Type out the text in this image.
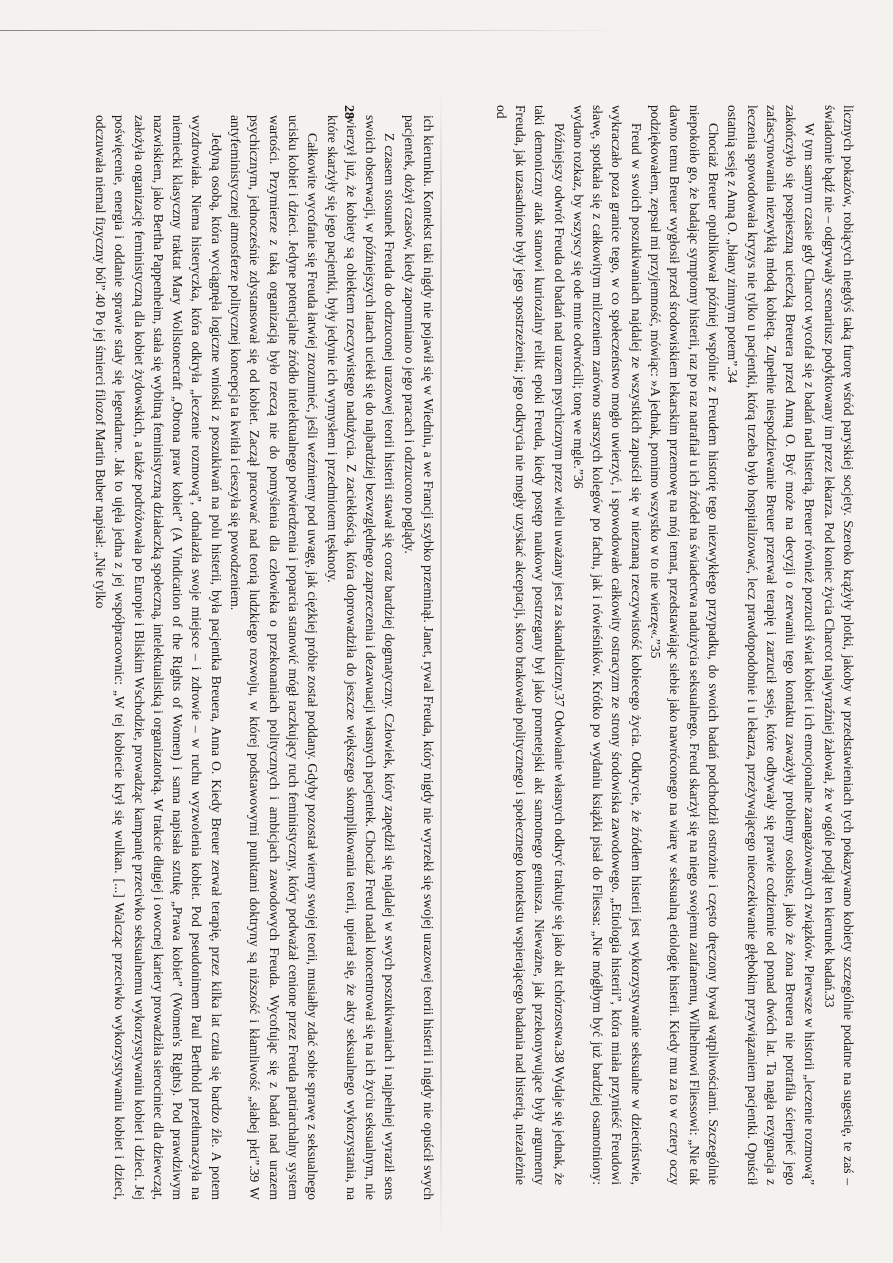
licznych pokazów, robiących niegdyś taką furorę wśród paryskiej socjety. Szeroko krążyły plotki, jakoby w przedstawieniach tych pokazywano kobiety szczególnie podatne na sugestię, te zaś – świadomie bądź nie – odgrywały scenariusz podyktowany im przez lekarza. Pod koniec życia Charcot najwyraźniej żałował, że w ogóle podjął ten kierunek badań.33

W tym samym czasie gdy Charcot wycofał się z badań nad histerią, Breuer również porzucił świat kobiet i ich emocjonalne zaangażowanych związków. Pierwsze w historii „leczenie rozmową” zakończyło się pospieszną ucieczką Breuera przed Anną O. Być może na decyzji o zerwaniu tego kontaktu zaważyły problemy osobiste, jako że żona Breuera nie potrafiła ścierpieć jego zafascynowania niezwykłą młodą kobietą. Zupełnie niespodziewanie Breuer przerwał terapię i zarzucił sesje, które odbywały się prawie codziennie od ponad dwóch lat. Ta nagła rezygnacja z leczenia spowodowała kryzys nie tylko u pacjentki, którą trzeba było hospitalizować, lecz prawdopodobnie i u lekarza, przeżywającego nieoczekiwanie głębokim przywiązaniem pacjentki. Opuścił ostatnią sesję z Anną O. „błany zimnym potem”.34

Chociaż Breuer opublikował później wspólnie z Freudem historię tego niezwykłego przypadku, do swoich badań podchodził ostrożnie i często dręczony bywał wątpliwościami. Szczególnie niepokoiło go, że badając symptomy histerii, raz po raz natrafiał u ich źródeł na świadectwa nadużycia seksualnego. Freud skarżył się na niego swojemu zaufanemu, Wilhelmowi Fliessowi: „Nie tak dawno temu Breuer wygłosił przed środowiskiem lekarskim przemowę na mój temat, przedstawiając siebie jako nawróconego na wiarę w seksualną etiologię histerii. Kiedy mu za to w cztery oczy podziękowałem, zepsuł mi przyjemność, mówiąc: »A jednak, pomimo wszystko w to nie wierzę«.”35

Freud w swoich poszukiwaniach najdalej ze wszystkich zapuścił się w nieznaną rzeczywistość kobiecego życia. Odkrycie, że źródłem histerii jest wykorzystywanie seksualne w dzieciństwie, wykraczało poza granice tego, w co społeczeństwo mogło uwierzyć, i spowodowało całkowity ostracyzm ze strony środowiska zawodowego. „Etiologia histerii”, która miała przynieść Freudowi sławę, spotkała się z całkowitym milczeniem zarówno starszych kolegów po fachu, jak i rówieśników. Krótko po wydaniu książki pisał do Fliessa: „Nie mógłbym być już bardziej osamotniony: wydano rozkaz, by wszyscy się ode mnie odwrócili; tonę we mgle.”36

Późniejszy odwrót Freuda od badań nad urazem psychicznym przez wielu uważany jest za skandaliczny.37 Odwołanie własnych odkryć traktuje się jako akt tchórzostwa.38 Wydaje się jednak, że taki demoniczny atak stanowi kuriozalny relikt epoki Freuda, kiedy postęp naukowy postrzegany był jako prometejski akt samotnego geniusza. Nieważne, jak przekonywujące były argumenty Freuda, jak uzasadnione były jego spostrzeżenia; jego odkrycia nie mogły uzyskać akceptacji, skoro brakowało politycznego i społecznego kontekstu wspierającego badania nad histerią, niezależnie od

28

ich kierunku. Kontekst taki nigdy nie pojawił się w Wiedniu, a we Francji szybko przeminął. Janet, rywal Freuda, który nigdy nie wyrzekł się swojej urazowej teorii histerii i nigdy nie opuścił swych pacjentek, dożył czasów, kiedy zapomniano o jego pracach i odrzucono poglądy.

Z czasem stosunek Freuda do odrzuconej urazowej teorii histerii stawał się coraz bardziej dogmatyczny. Człowiek, który zapędził się najdalej w swych poszukiwaniach i najpełniej wyraził sens swoich obserwacji, w późniejszych latach uciekł się do najbardziej bezwzględnego zaprzeczenia i dezawuacji własnych pacjentek. Chociaż Freud nadal koncentrował się na ich życiu seksualnym, nie wierzył już, że kobiety są obiektem rzeczywistego nadużycia. Z zaciekłością, która doprowadziła do jeszcze większego skomplikowania teorii, upierał się, że akty seksualnego wykorzystania, na które skarżyły się jego pacjentki, były jedynie ich wymysłem i przedmiotem tęsknoty.

Całkowite wycofanie się Freuda łatwiej zrozumieć, jeśli weźmiemy pod uwagę, jak ciężkiej próbie został poddany. Gdyby pozostał wierny swojej teorii, musiałby zdać sobie sprawę z seksualnego ucisku kobiet i dzieci. Jedyne potencjalne źródło intelektualnego potwierdzenia i poparcia stanowić mógł raczkujący ruch feministyczny, który podważał cenione przez Freuda patriarchalny system wartości. Przymierze z taką organizacją było rzeczą nie do pomyślenia dla człowieka o przekonaniach politycznych i ambicjach zawodowych Freuda. Wycofując się z badań nad urazem psychicznym, jednocześnie zdystansował się od kobiet. Zaczął pracować nad teorią ludzkiego rozwoju, w której podstawowymi punktami doktryny są niższość i kłamliwość „słabej płci”.39 W antyfeministycznej atmosferze politycznej koncepcja ta kwitła i cieszyła się powodzeniem.

Jedyną osobą, która wyciągnęła logiczne wnioski z poszukiwań na polu histerii, była pacjentka Breuera, Anna O. Kiedy Breuer zerwał terapię, przez kilka lat czuła się bardzo źle. A potem wyzdrowiała. Niema histeryczka, która odkryła „leczenie rozmową”, odnalazła swoje miejsce – i zdrowie – w ruchu wyzwolenia kobiet. Pod pseudonimem Paul Berthold przetłumaczyła na niemiecki klasyczny traktat Mary Wollstonecraft „Obrona praw kobiet” (A Vindication of the Rights of Women) i sama napisała sztukę „Prawa kobiet” (Women's Rights). Pod prawdziwym nazwiskiem, jako Bertha Pappenheim, stała się wybitną feministyczną działaczką społeczną, intelektualistką i organizatorką. W trakcie długiej i owocnej kariery prowadziła sierociniec dla dziewcząt, założyła organizację feministyczną dla kobiet żydowskich, a także podróżowała po Europie i Bliskim Wschodzie, prowadząc kampanię przeciwko seksualnemu wykorzystywaniu kobiet i dzieci. Jej poświęcenie, energia i oddanie sprawie stały się legendarne. Jak to ujęła jedna z jej współpracownic: „W tej kobiecie krył się wulkan. [...] Walcząc przeciwko wykorzystywaniu kobiet i dzieci, odczuwała niemal fizyczny ból”.40 Po jej śmierci filozof Martin Buber napisał: „Nie tylko
